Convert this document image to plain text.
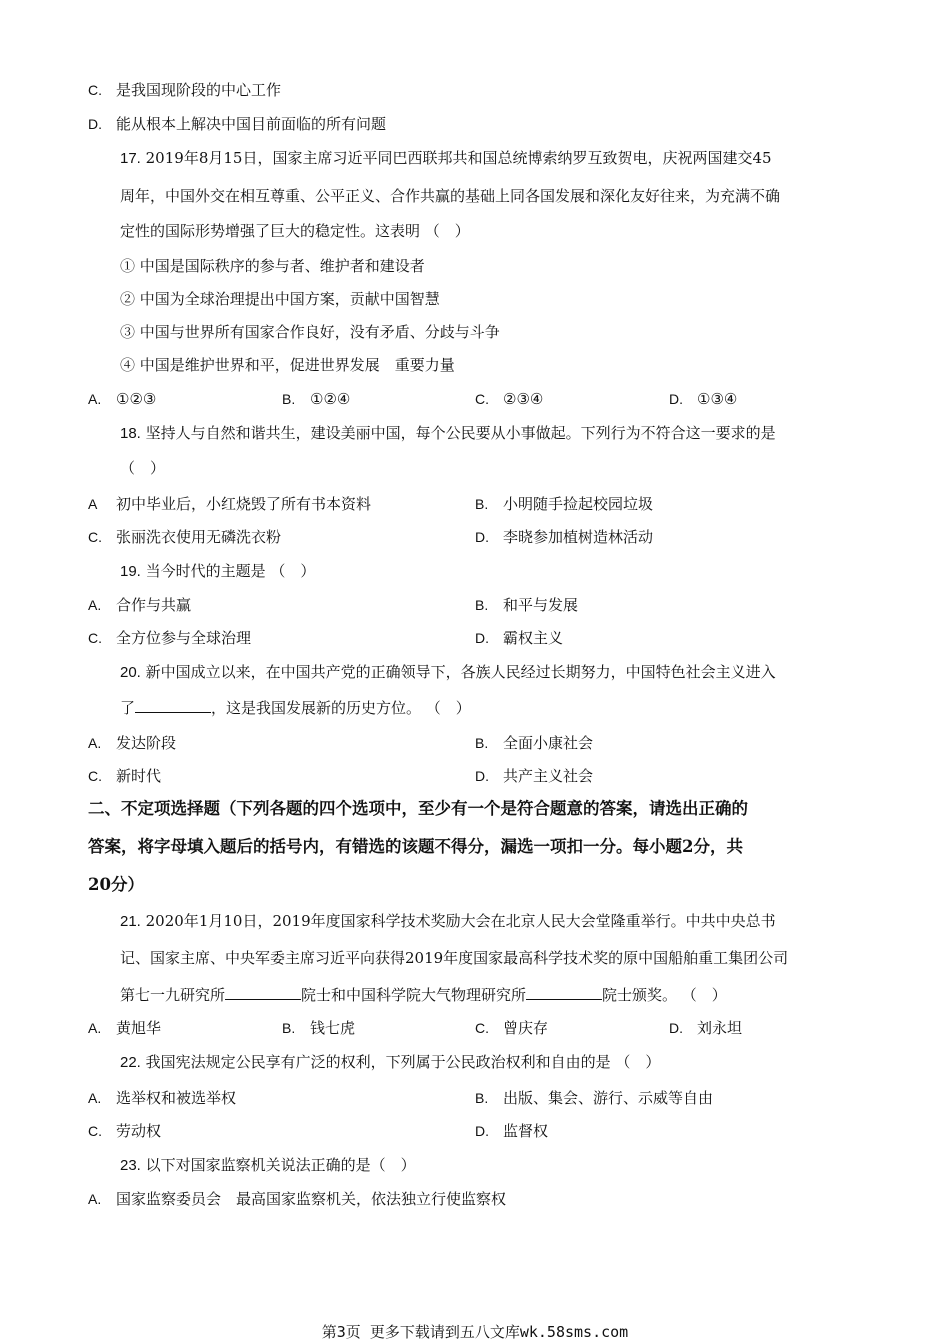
C. 是我国现阶段的中心工作
D. 能从根本上解决中国目前面临的所有问题
17. 2019年8月15日，国家主席习近平同巴西联邦共和国总统博索纳罗互致贺电，庆祝两国建交45
周年，中国外交在相互尊重、公平正义、合作共赢的基础上同各国发展和深化友好往来，为充满不确
定性的国际形势增强了巨大的稳定性。这表明 （　）
① 中国是国际秩序的参与者、维护者和建设者
② 中国为全球治理提出中国方案，贡献中国智慧
③ 中国与世界所有国家合作良好，没有矛盾、分歧与斗争
④ 中国是维护世界和平，促进世界发展　重要力量
A. ①②③	B. ①②④	C. ②③④	D. ①③④
18. 坚持人与自然和谐共生，建设美丽中国，每个公民要从小事做起。下列行为不符合这一要求的是
（　）
A 初中毕业后，小红烧毁了所有书本资料	B. 小明随手捡起校园垃圾
C. 张丽洗衣使用无磷洗衣粉	D. 李晓参加植树造林活动
19. 当今时代的主题是 （　）
A. 合作与共赢	B. 和平与发展
C. 全方位参与全球治理	D. 霸权主义
20. 新中国成立以来，在中国共产党的正确领导下，各族人民经过长期努力，中国特色社会主义进入
了	，这是我国发展新的历史方位。 （　）
A. 发达阶段	B. 全面小康社会
C. 新时代	D. 共产主义社会
二、不定项选择题（下列各题的四个选项中，至少有一个是符合题意的答案，请选出正确的
答案，将字母填入题后的括号内，有错选的该题不得分，漏选一项扣一分。每小题2分，共
20分）
21. 2020年1月10日，2019年度国家科学技术奖励大会在北京人民大会堂隆重举行。中共中央总书
记、国家主席、中央军委主席习近平向获得2019年度国家最高科学技术奖的原中国船舶重工集团公司
第七一九研究所	院士和中国科学院大气物理研究所	院士颁奖。 （　）
A. 黄旭华	B. 钱七虎	C. 曾庆存	D. 刘永坦
22. 我国宪法规定公民享有广泛的权利，下列属于公民政治权利和自由的是 （　）
A. 选举权和被选举权	B. 出版、集会、游行、示威等自由
C. 劳动权	D. 监督权
23. 以下对国家监察机关说法正确的是（　）
A. 国家监察委员会　最高国家监察机关，依法独立行使监察权
第3页 更多下载请到五八文库wk.58sms.com
